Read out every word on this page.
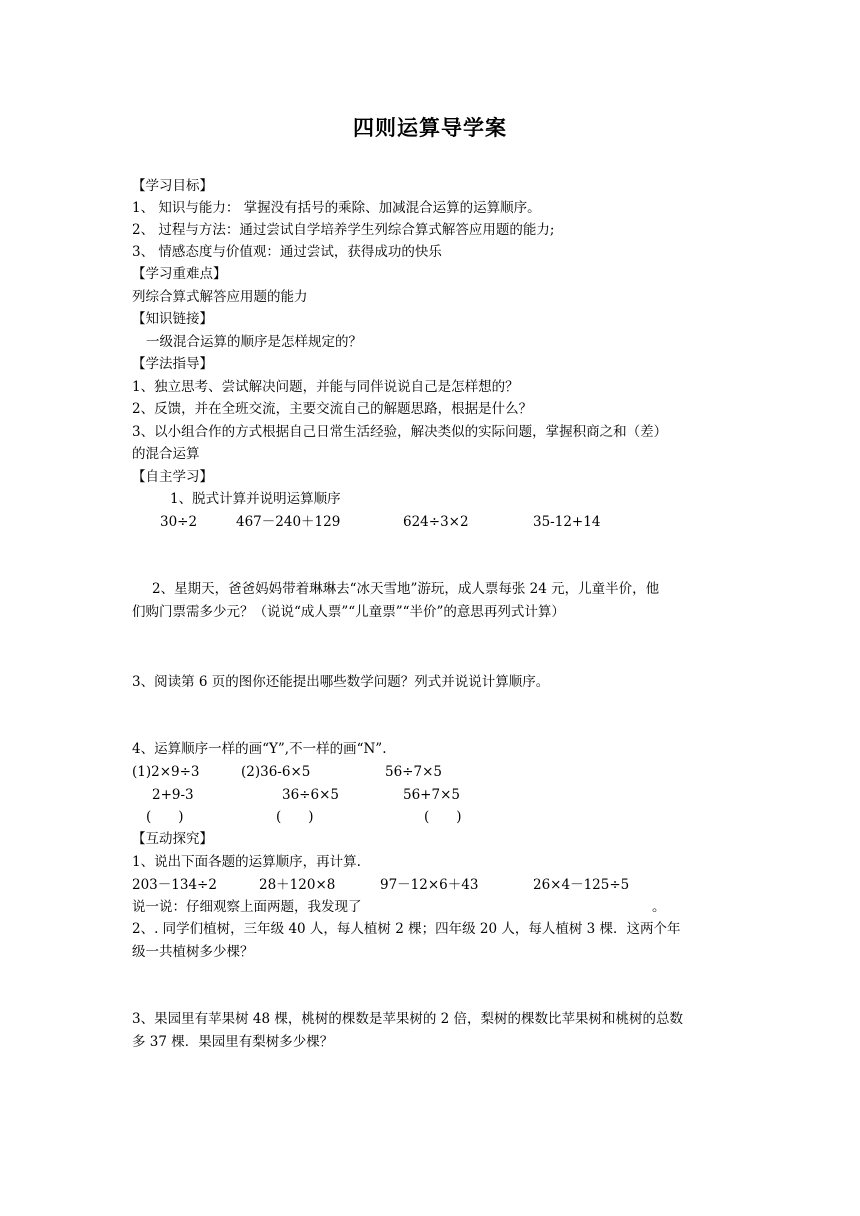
四则运算导学案
【学习目标】
1、 知识与能力： 掌握没有括号的乘除、加减混合运算的运算顺序。
2、 过程与方法：通过尝试自学培养学生列综合算式解答应用题的能力;
3、 情感态度与价值观：通过尝试，获得成功的快乐
【学习重难点】
列综合算式解答应用题的能力
【知识链接】
一级混合运算的顺序是怎样规定的？
【学法指导】
1、独立思考、尝试解决问题，并能与同伴说说自己是怎样想的？
2、反馈，并在全班交流，主要交流自己的解题思路，根据是什么？
3、以小组合作的方式根据自己日常生活经验，解决类似的实际问题，掌握积商之和（差）
的混合运算
【自主学习】
1、脱式计算并说明运算顺序
30÷2	467－240＋129	624÷3×2	35-12+14
2、星期天，爸爸妈妈带着琳琳去“冰天雪地”游玩，成人票每张 24 元，儿童半价，他
们购门票需多少元？（说说“成人票”“儿童票”“半价”的意思再列式计算）
3、阅读第 6 页的图你还能提出哪些数学问题？列式并说说计算顺序。
4、运算顺序一样的画“Y”,不一样的画“N”.
(1)2×9÷3	(2)36-6×5	56÷7×5
2+9-3	36÷6×5	56+7×5
(　　)	(　　)	(　　)
【互动探究】
1、说出下面各题的运算顺序，再计算.
203－134÷2	28＋120×8	97－12×6＋43	26×4－125÷5
说一说：仔细观察上面两题，我发现了	。
2、. 同学们植树，三年级 40 人，每人植树 2 棵；四年级 20 人，每人植树 3 棵．这两个年
级一共植树多少棵？
3、果园里有苹果树 48 棵，桃树的棵数是苹果树的 2 倍，梨树的棵数比苹果树和桃树的总数
多 37 棵．果园里有梨树多少棵？
